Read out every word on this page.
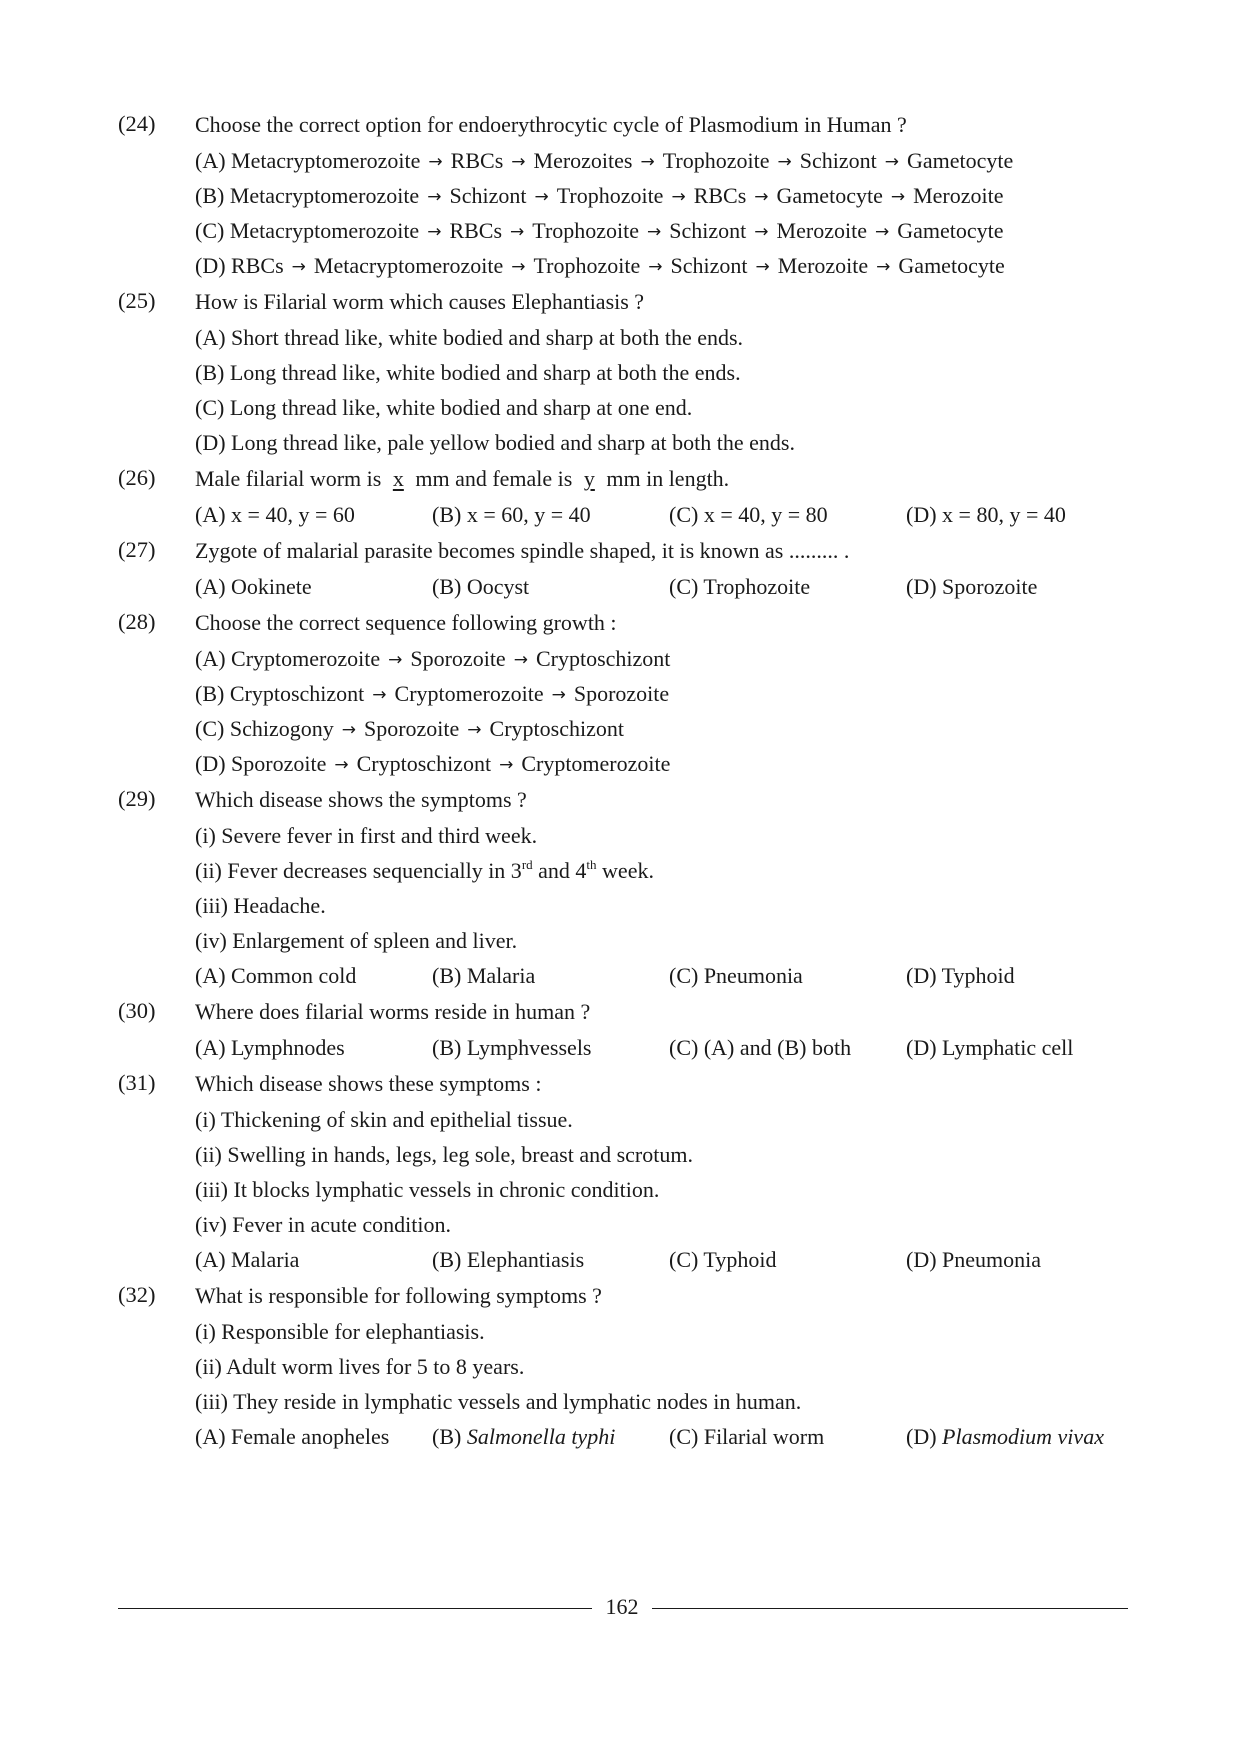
(24)	Choose the correct option for endoerythrocytic cycle of Plasmodium in Human ?
(A) Metacryptomerozoite → RBCs → Merozoites → Trophozoite → Schizont → Gametocyte
(B) Metacryptomerozoite → Schizont → Trophozoite → RBCs → Gametocyte → Merozoite
(C) Metacryptomerozoite → RBCs → Trophozoite → Schizont → Merozoite → Gametocyte
(D) RBCs → Metacryptomerozoite → Trophozoite → Schizont → Merozoite → Gametocyte
(25)	How is Filarial worm which causes Elephantiasis ?
(A) Short thread like, white bodied and sharp at both the ends.
(B) Long thread like, white bodied and sharp at both the ends.
(C) Long thread like, white bodied and sharp at one end.
(D) Long thread like, pale yellow bodied and sharp at both the ends.
(26)	Male filarial worm is x mm and female is y mm in length.
(A) x = 40, y = 60	(B) x = 60, y = 40	(C) x = 40, y = 80	(D) x = 80, y = 40
(27)	Zygote of malarial parasite becomes spindle shaped, it is known as ......... .
(A) Ookinete	(B) Oocyst	(C) Trophozoite	(D) Sporozoite
(28)	Choose the correct sequence following growth :
(A) Cryptomerozoite → Sporozoite → Cryptoschizont
(B) Cryptoschizont → Cryptomerozoite → Sporozoite
(C) Schizogony → Sporozoite → Cryptoschizont
(D) Sporozoite → Cryptoschizont → Cryptomerozoite
(29)	Which disease shows the symptoms ?
(i) Severe fever in first and third week.
(ii) Fever decreases sequencially in 3rd and 4th week.
(iii) Headache.
(iv) Enlargement of spleen and liver.
(A) Common cold	(B) Malaria	(C) Pneumonia	(D) Typhoid
(30)	Where does filarial worms reside in human ?
(A) Lymphnodes	(B) Lymphvessels	(C) (A) and (B) both	(D) Lymphatic cell
(31)	Which disease shows these symptoms :
(i) Thickening of skin and epithelial tissue.
(ii) Swelling in hands, legs, leg sole, breast and scrotum.
(iii) It blocks lymphatic vessels in chronic condition.
(iv) Fever in acute condition.
(A) Malaria	(B) Elephantiasis	(C) Typhoid	(D) Pneumonia
(32)	What is responsible for following symptoms ?
(i) Responsible for elephantiasis.
(ii) Adult worm lives for 5 to 8 years.
(iii) They reside in lymphatic vessels and lymphatic nodes in human.
(A) Female anopheles	(B) Salmonella typhi	(C) Filarial worm	(D) Plasmodium vivax
162
